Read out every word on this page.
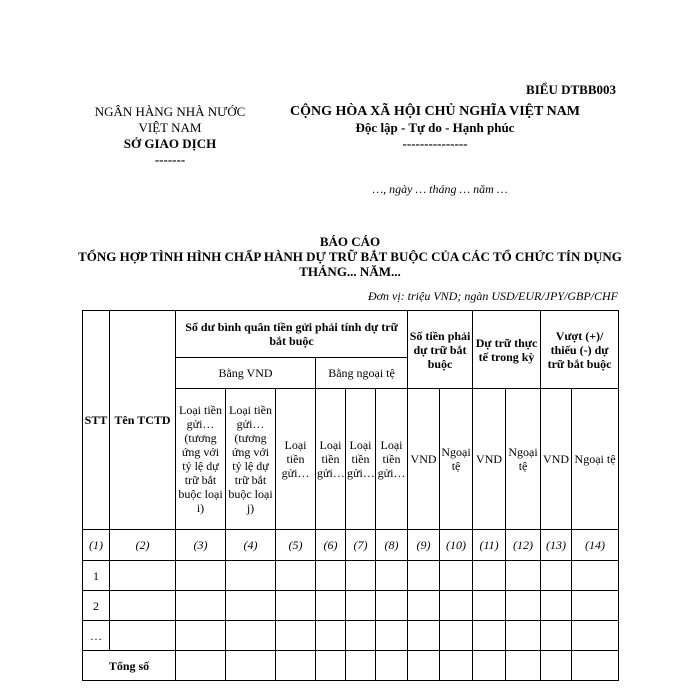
BIỂU DTBB003
NGÂN HÀNG NHÀ NƯỚC
VIỆT NAM
SỞ GIAO DỊCH
-------
CỘNG HÒA XÃ HỘI CHỦ NGHĨA VIỆT NAM
Độc lập - Tự do - Hạnh phúc
---------------
…, ngày … tháng … năm …
BÁO CÁO
TỔNG HỢP TÌNH HÌNH CHẤP HÀNH DỰ TRỮ BẮT BUỘC CỦA CÁC TỔ CHỨC TÍN DỤNG THÁNG... NĂM...
Đơn vị: triệu VND; ngàn USD/EUR/JPY/GBP/CHF
STT	Tên TCTD	Số dư bình quân tiền gửi phải tính dự trữ bắt buộc						Số tiền phải dự trữ bắt buộc		Dự trữ thực tế trong kỳ		Vượt (+)/ thiếu (-) dự trữ bắt buộc	
		Bằng VND			Bằng ngoại tệ								
		Loại tiền gửi… (tương ứng với tỷ lệ dự trữ bắt buộc loại i)	Loại tiền gửi… (tương ứng với tỷ lệ dự trữ bắt buộc loại j)	Loại tiền gửi…	Loại tiền gửi…	Loại tiền gửi…	Loại tiền gửi…	VND	Ngoại tệ	VND	Ngoại tệ	VND	Ngoại tệ
(1)	(2)	(3)	(4)	(5)	(6)	(7)	(8)	(9)	(10)	(11)	(12)	(13)	(14)
1													
2													
…													
Tổng số													
